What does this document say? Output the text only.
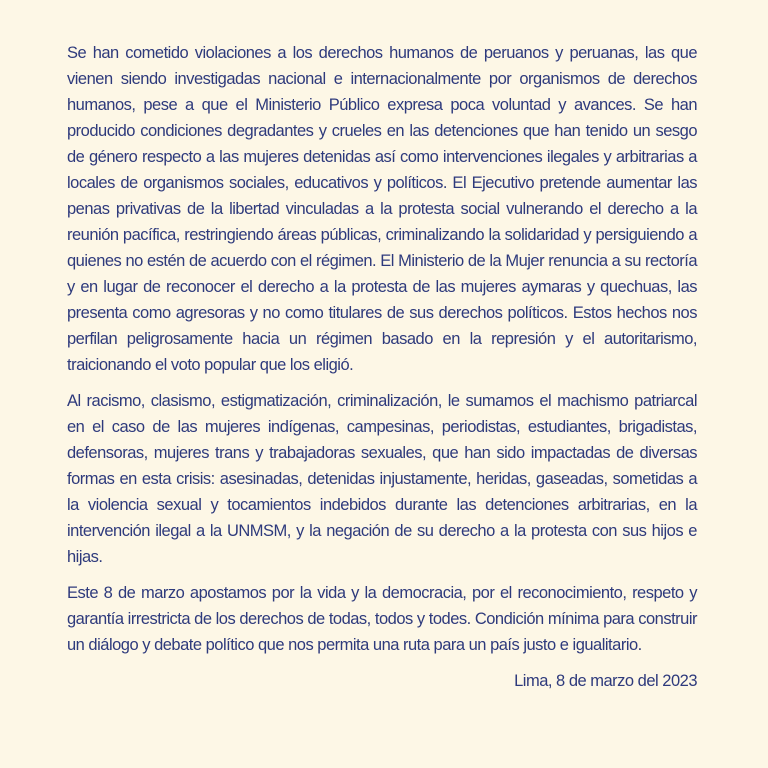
Se han cometido violaciones a los derechos humanos de peruanos y peruanas, las que vienen siendo investigadas nacional e internacionalmente por organismos de derechos humanos, pese a que el Ministerio Público expresa poca voluntad y avances. Se han producido condiciones degradantes y crueles en las detenciones que han tenido un sesgo de género respecto a las mujeres detenidas así como intervenciones ilegales y arbitrarias a locales de organismos sociales, educativos y políticos. El Ejecutivo pretende aumentar las penas privativas de la libertad vinculadas a la protesta social vulnerando el derecho a la reunión pacífica, restringiendo áreas públicas, criminalizando la solidaridad y persiguiendo a quienes no estén de acuerdo con el régimen. El Ministerio de la Mujer renuncia a su rectoría y en lugar de reconocer el derecho a la protesta de las mujeres aymaras y quechuas, las presenta como agresoras y no como titulares de sus derechos políticos. Estos hechos nos perfilan peligrosamente hacia un régimen basado en la represión y el autoritarismo, traicionando el voto popular que los eligió.

Al racismo, clasismo, estigmatización, criminalización, le sumamos el machismo patriarcal en el caso de las mujeres indígenas, campesinas, periodistas, estudiantes, brigadistas, defensoras, mujeres trans y trabajadoras sexuales, que han sido impactadas de diversas formas en esta crisis: asesinadas, detenidas injustamente, heridas, gaseadas, sometidas a la violencia sexual y tocamientos indebidos durante las detenciones arbitrarias, en la intervención ilegal a la UNMSM, y la negación de su derecho a la protesta con sus hijos e hijas.

Este 8 de marzo apostamos por la vida y la democracia, por el reconocimiento, respeto y garantía irrestricta de los derechos de todas, todos y todes. Condición mínima para construir un diálogo y debate político que nos permita una ruta para un país justo e igualitario.

Lima, 8 de marzo del 2023
